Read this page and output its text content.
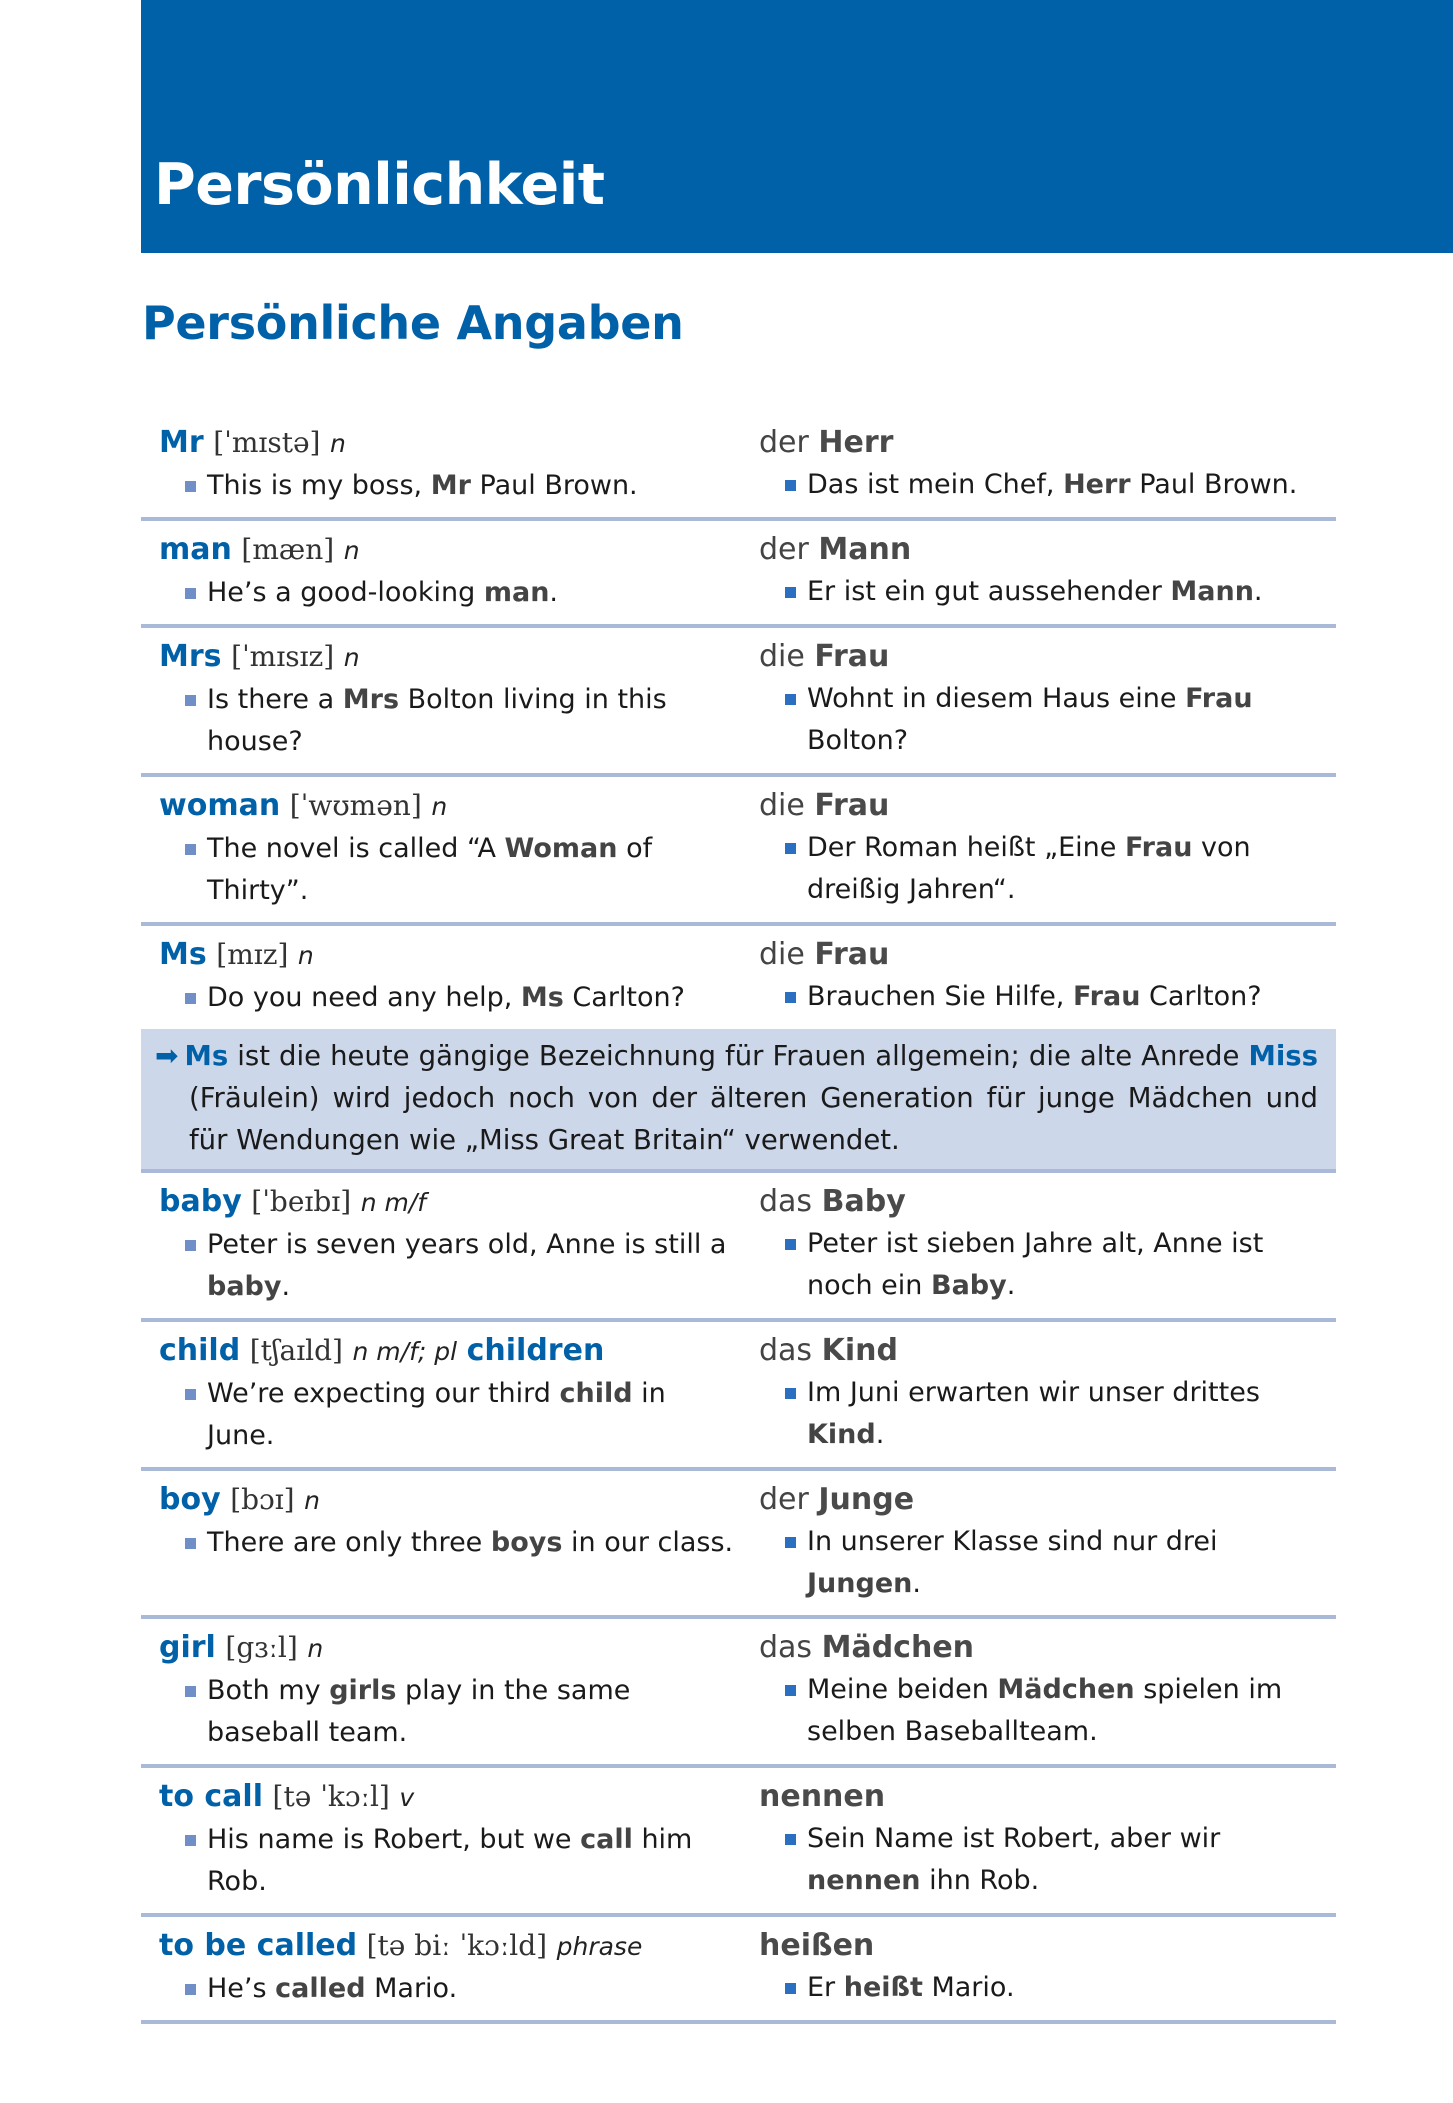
Persönlichkeit
Persönliche Angaben
Mr [ˈmɪstə] n
This is my boss, Mr Paul Brown.
der Herr
Das ist mein Chef, Herr Paul Brown.
man [mæn] n
He’s a good-looking man.
der Mann
Er ist ein gut aussehender Mann.
Mrs [ˈmɪsɪz] n
Is there a Mrs Bolton living in this house?
die Frau
Wohnt in diesem Haus eine Frau Bolton?
woman [ˈwʊmən] n
The novel is called “A Woman of Thirty”.
die Frau
Der Roman heißt „Eine Frau von dreißig Jahren“.
Ms [mɪz] n
Do you need any help, Ms Carlton?
die Frau
Brauchen Sie Hilfe, Frau Carlton?
➡ Ms ist die heute gängige Bezeichnung für Frauen allgemein; die alte Anrede Miss (Fräulein) wird jedoch noch von der älteren Generation für junge Mädchen und für Wendungen wie „Miss Great Britain“ verwendet.
baby [ˈbeɪbɪ] n m/f
Peter is seven years old, Anne is still a baby.
das Baby
Peter ist sieben Jahre alt, Anne ist noch ein Baby.
child [tʃaɪld] n m/f; pl children
We’re expecting our third child in June.
das Kind
Im Juni erwarten wir unser drittes Kind.
boy [bɔɪ] n
There are only three boys in our class.
der Junge
In unserer Klasse sind nur drei Jungen.
girl [gɜːl] n
Both my girls play in the same baseball team.
das Mädchen
Meine beiden Mädchen spielen im selben Baseballteam.
to call [tə ˈkɔːl] v
His name is Robert, but we call him Rob.
nennen
Sein Name ist Robert, aber wir nennen ihn Rob.
to be called [tə biː ˈkɔːld] phrase
He’s called Mario.
heißen
Er heißt Mario.
